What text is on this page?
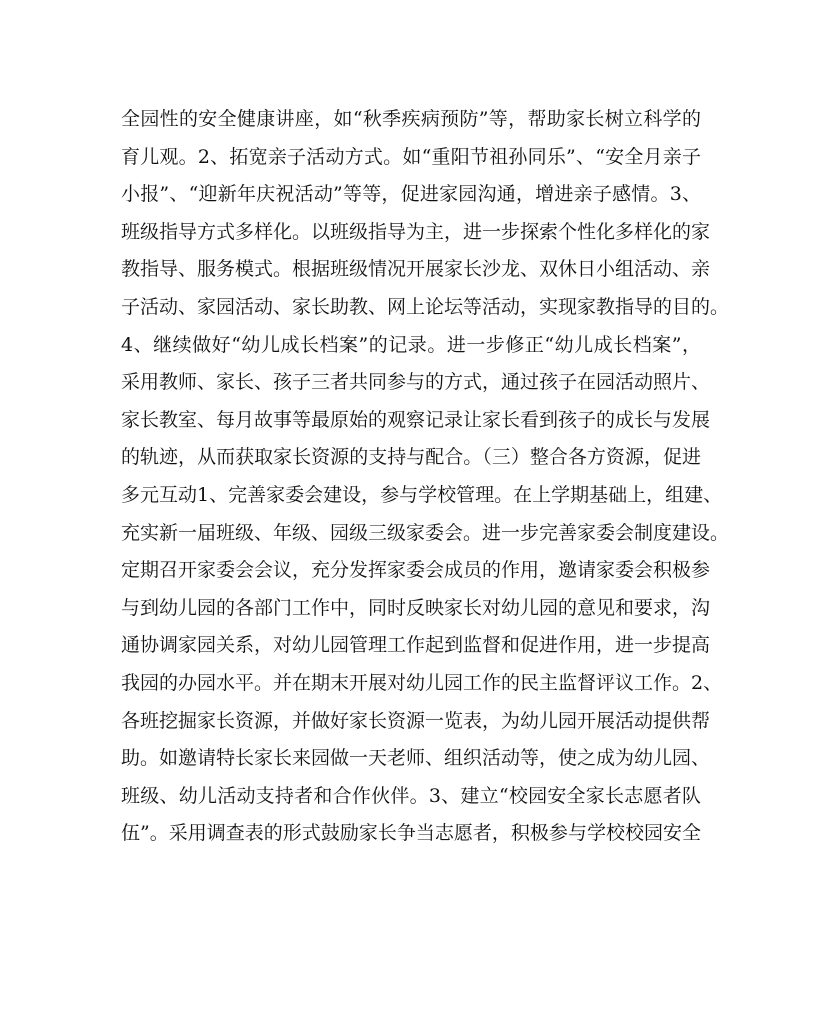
全园性的安全健康讲座，如“秋季疾病预防”等，帮助家长树立科学的
育儿观。2、拓宽亲子活动方式。如“重阳节祖孙同乐”、“安全月亲子
小报”、“迎新年庆祝活动”等等，促进家园沟通，增进亲子感情。3、
班级指导方式多样化。以班级指导为主，进一步探索个性化多样化的家
教指导、服务模式。根据班级情况开展家长沙龙、双休日小组活动、亲
子活动、家园活动、家长助教、网上论坛等活动，实现家教指导的目的。
4、继续做好“幼儿成长档案”的记录。进一步修正“幼儿成长档案”，
采用教师、家长、孩子三者共同参与的方式，通过孩子在园活动照片、
家长教室、每月故事等最原始的观察记录让家长看到孩子的成长与发展
的轨迹，从而获取家长资源的支持与配合。（三）整合各方资源，促进
多元互动1、完善家委会建设，参与学校管理。在上学期基础上，组建、
充实新一届班级、年级、园级三级家委会。进一步完善家委会制度建设。
定期召开家委会会议，充分发挥家委会成员的作用，邀请家委会积极参
与到幼儿园的各部门工作中，同时反映家长对幼儿园的意见和要求，沟
通协调家园关系，对幼儿园管理工作起到监督和促进作用，进一步提高
我园的办园水平。并在期末开展对幼儿园工作的民主监督评议工作。2、
各班挖掘家长资源，并做好家长资源一览表，为幼儿园开展活动提供帮
助。如邀请特长家长来园做一天老师、组织活动等，使之成为幼儿园、
班级、幼儿活动支持者和合作伙伴。3、建立“校园安全家长志愿者队
伍”。采用调查表的形式鼓励家长争当志愿者，积极参与学校校园安全
